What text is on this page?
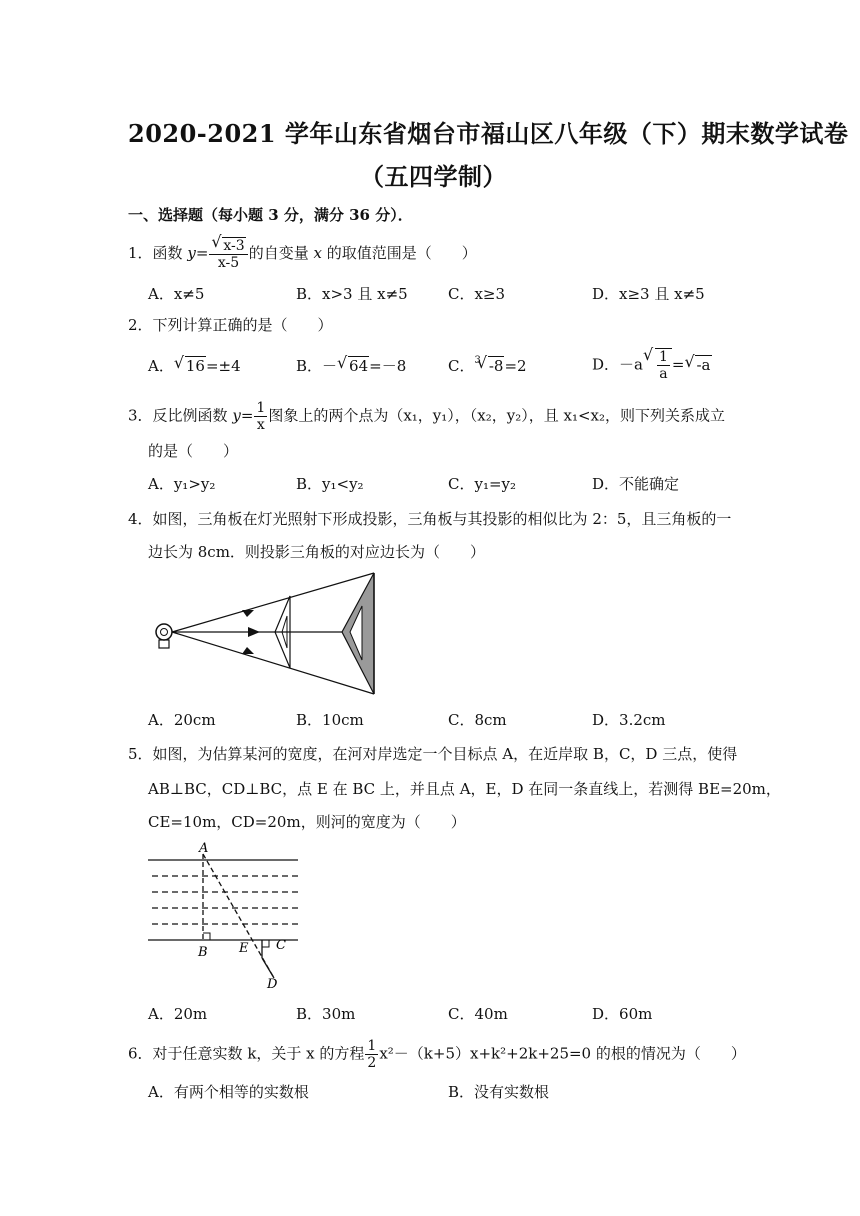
2020-2021 学年山东省烟台市福山区八年级（下）期末数学试卷
（五四学制）
一、选择题（每小题 3 分，满分 36 分）．
1．函数 y= √ $\frac{x-3}{x-5}$ 的自变量 x 的取值范围是（　　）
A．x≠5	B．x>3 且 x≠5	C．x≥3	D．x≥3 且 x≠5
2．下列计算正确的是（　　）
A． √ 16=±4	B．－ √ 64=－8	C．$^3$ √ -8=2	D．－a √ $\frac{1}{a}$ = √ -a
3．反比例函数 $y= \frac{1}{x}$ 图象上的两个点为（x₁，y₁），（x₂，y₂），且 x₁<x₂，则下列关系成立
的是（　　）
A．y₁>y₂	B．y₁<y₂	C．y₁=y₂	D．不能确定
4．如图，三角板在灯光照射下形成投影，三角板与其投影的相似比为 2：5，且三角板的一
边长为 8cm．则投影三角板的对应边长为（　　）
A．20cm	B．10cm	C．8cm	D．3.2cm
5．如图，为估算某河的宽度，在河对岸选定一个目标点 A，在近岸取 B，C，D 三点，使得
AB⊥BC，CD⊥BC，点 E 在 BC 上，并且点 A，E，D 在同一条直线上，若测得 BE=20m，
CE=10m，CD=20m，则河的宽度为（　　）
A
B E C
D
A．20m	B．30m	C．40m	D．60m
6．对于任意实数 k，关于 x 的方程 $\frac{1}{2} x^2-(k+5)x+k^2+2k+25=0$ 的根的情况为（　　）
A．有两个相等的实数根	B．没有实数根
